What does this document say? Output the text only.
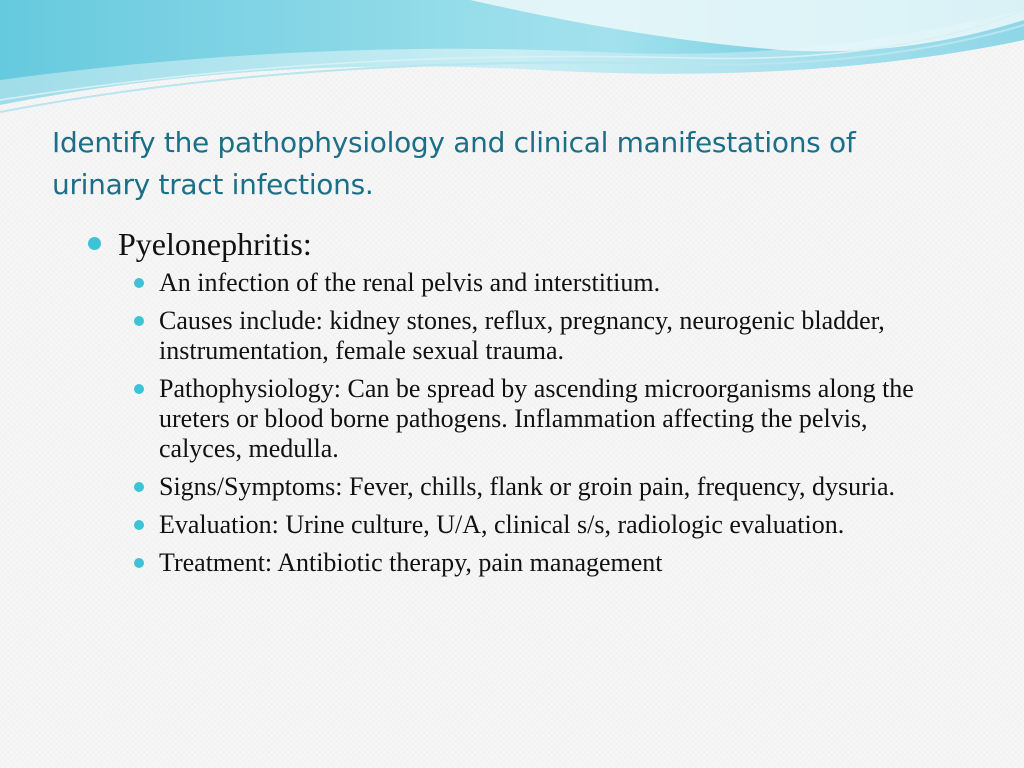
Identify the pathophysiology and clinical manifestations of urinary tract infections.
Pyelonephritis:
An infection of the renal pelvis and interstitium.
Causes include: kidney stones, reflux, pregnancy, neurogenic bladder, instrumentation, female sexual trauma.
Pathophysiology: Can be spread by ascending microorganisms along the ureters or blood borne pathogens. Inflammation affecting the pelvis, calyces, medulla.
Signs/Symptoms: Fever, chills, flank or groin pain, frequency, dysuria.
Evaluation: Urine culture, U/A, clinical s/s, radiologic evaluation.
Treatment: Antibiotic therapy, pain management
